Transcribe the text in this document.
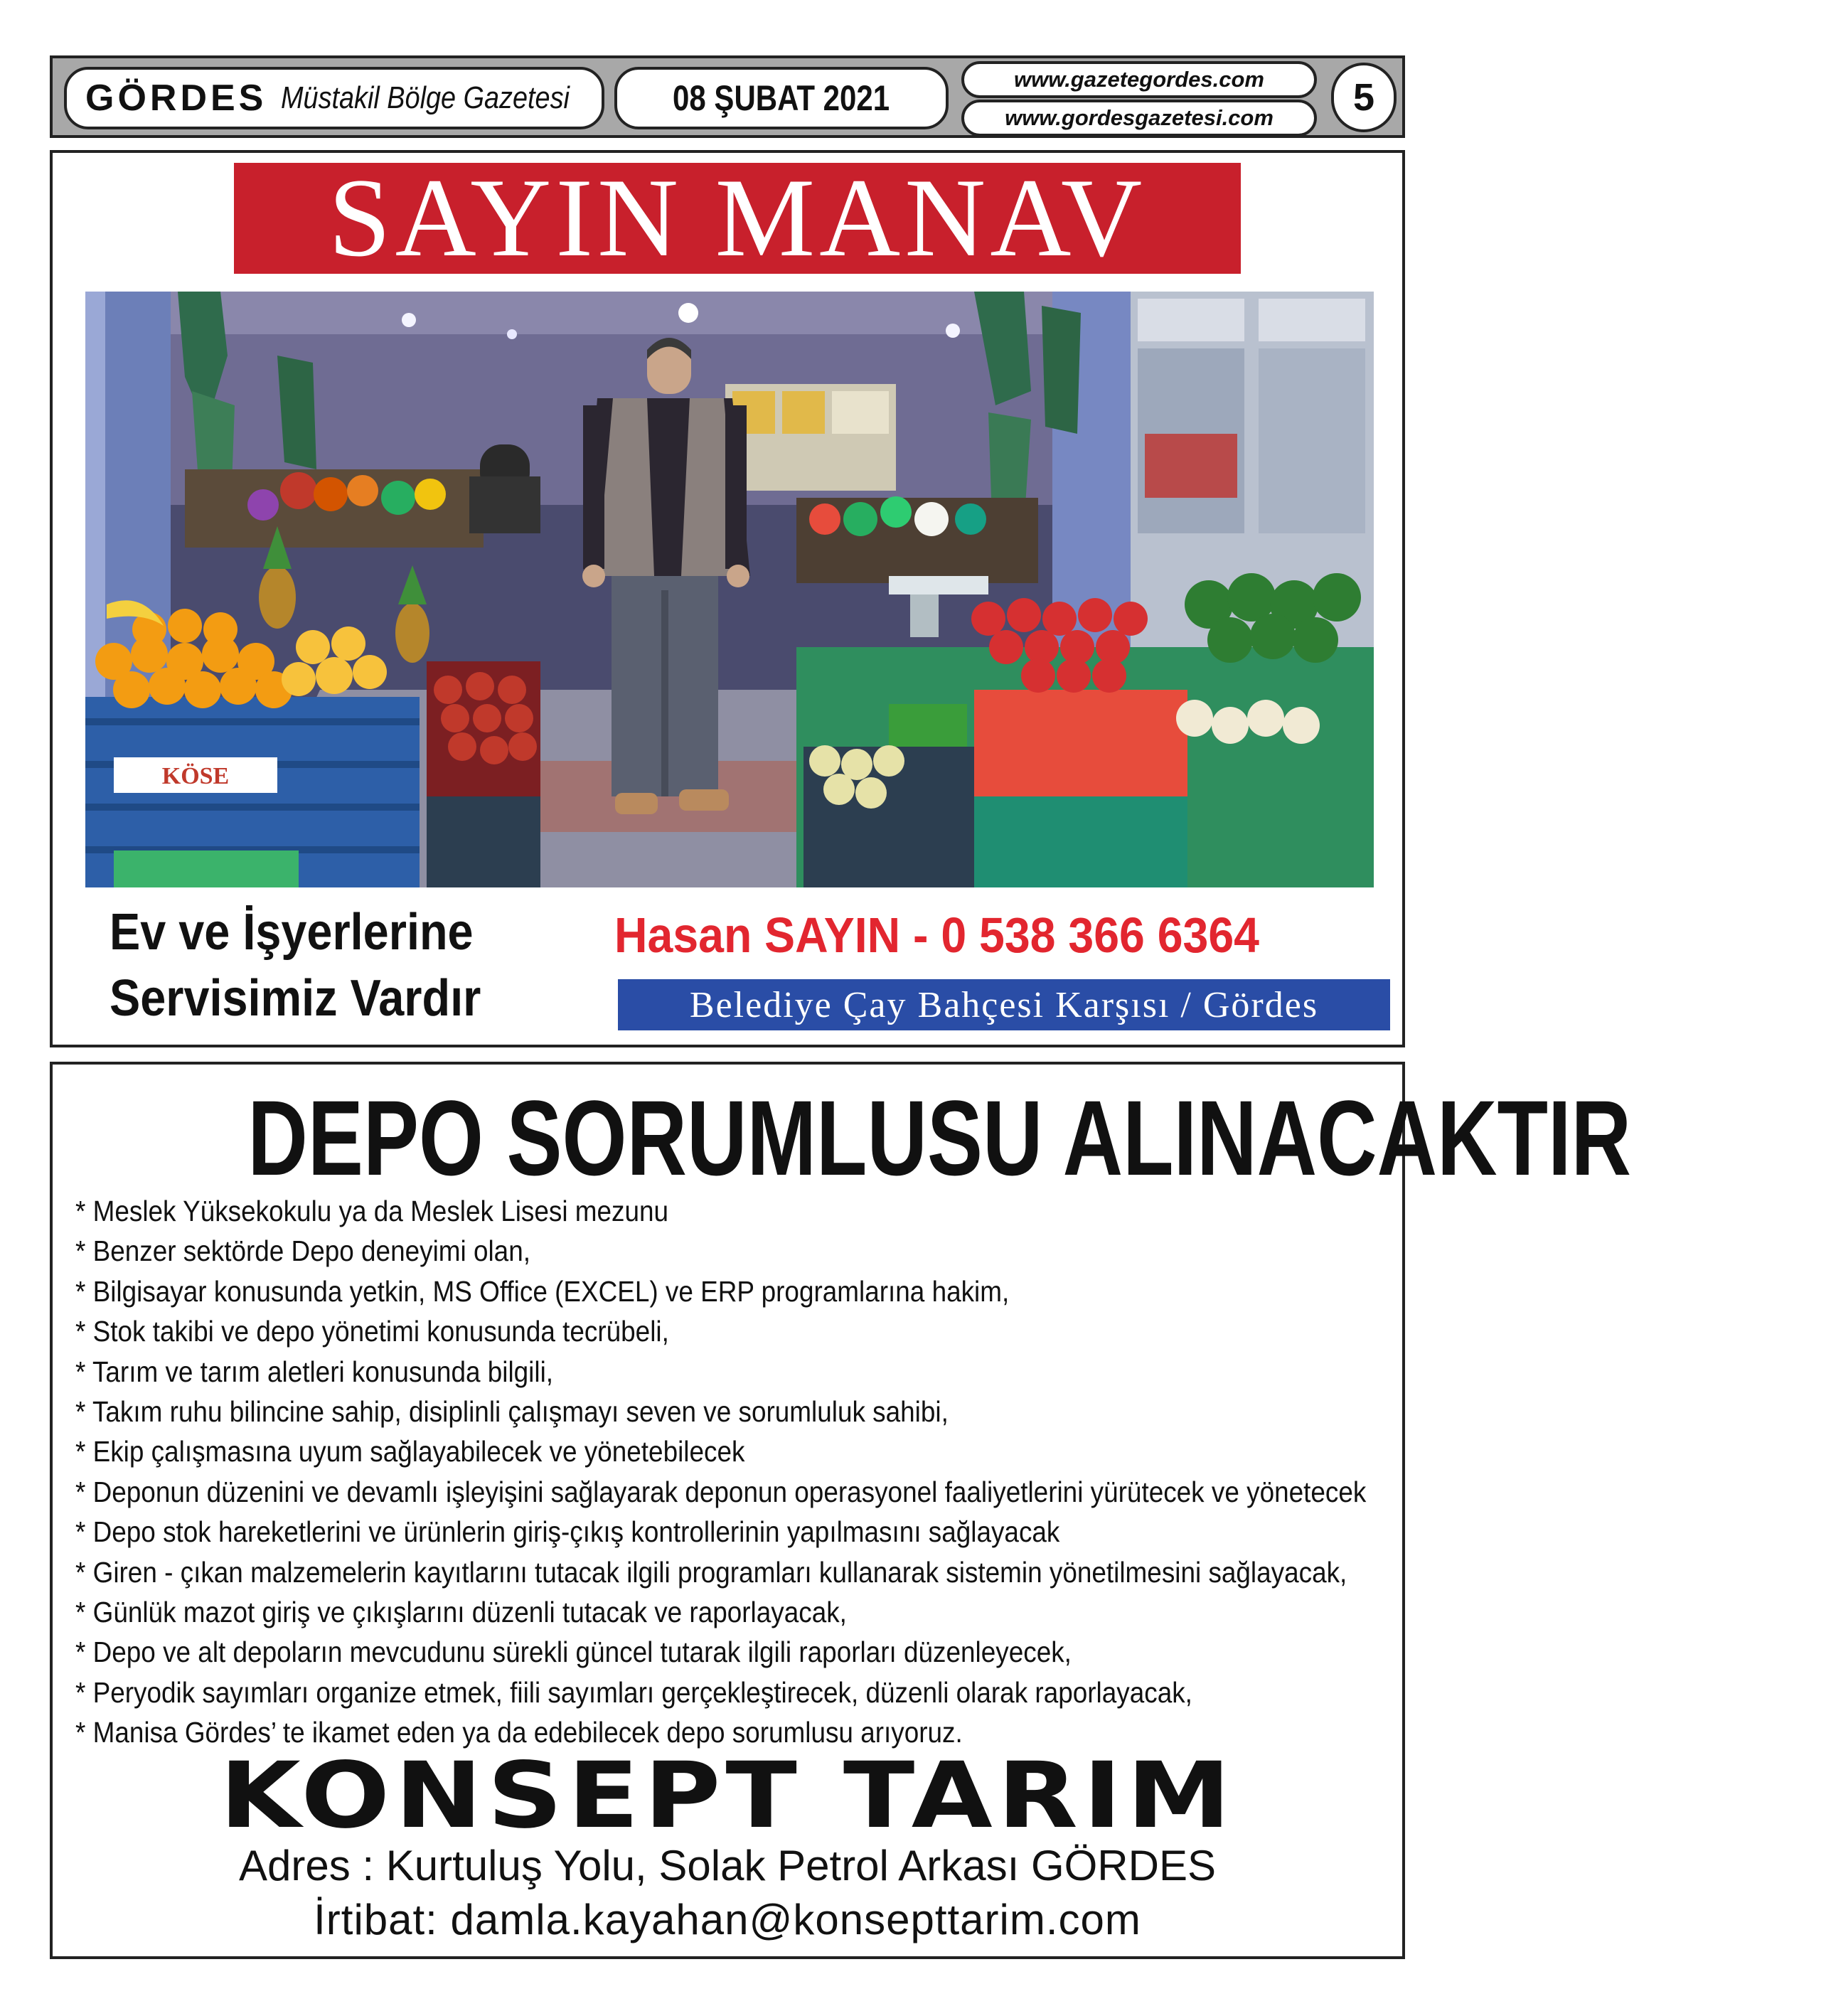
GÖRDES Müstakil Bölge Gazetesi	08 ŞUBAT 2021	www.gazetegordes.com
www.gordesgazetesi.com 5
SAYIN MANAV
KÖSE
Ev ve İşyerlerine
Servisimiz Vardır
Hasan SAYIN - 0 538 366 6364
Belediye Çay Bahçesi Karşısı / Gördes
DEPO SORUMLUSU ALINACAKTIR
* Meslek Yüksekokulu ya da Meslek Lisesi mezunu
* Benzer sektörde Depo deneyimi olan,
* Bilgisayar konusunda yetkin, MS Office (EXCEL) ve ERP programlarına hakim,
* Stok takibi ve depo yönetimi konusunda tecrübeli,
* Tarım ve tarım aletleri konusunda bilgili,
* Takım ruhu bilincine sahip, disiplinli çalışmayı seven ve sorumluluk sahibi,
* Ekip çalışmasına uyum sağlayabilecek ve yönetebilecek
* Deponun düzenini ve devamlı işleyişini sağlayarak deponun operasyonel faaliyetlerini yürütecek ve yönetecek
* Depo stok hareketlerini ve ürünlerin giriş-çıkış kontrollerinin yapılmasını sağlayacak
* Giren - çıkan malzemelerin kayıtlarını tutacak ilgili programları kullanarak sistemin yönetilmesini sağlayacak,
* Günlük mazot giriş ve çıkışlarını düzenli tutacak ve raporlayacak,
* Depo ve alt depoların mevcudunu sürekli güncel tutarak ilgili raporları düzenleyecek,
* Peryodik sayımları organize etmek, fiili sayımları gerçekleştirecek, düzenli olarak raporlayacak,
* Manisa Gördes’ te ikamet eden ya da edebilecek depo sorumlusu arıyoruz.
KONSEPT TARIM
Adres : Kurtuluş Yolu, Solak Petrol Arkası GÖRDES
İrtibat: damla.kayahan@konsepttarim.com
